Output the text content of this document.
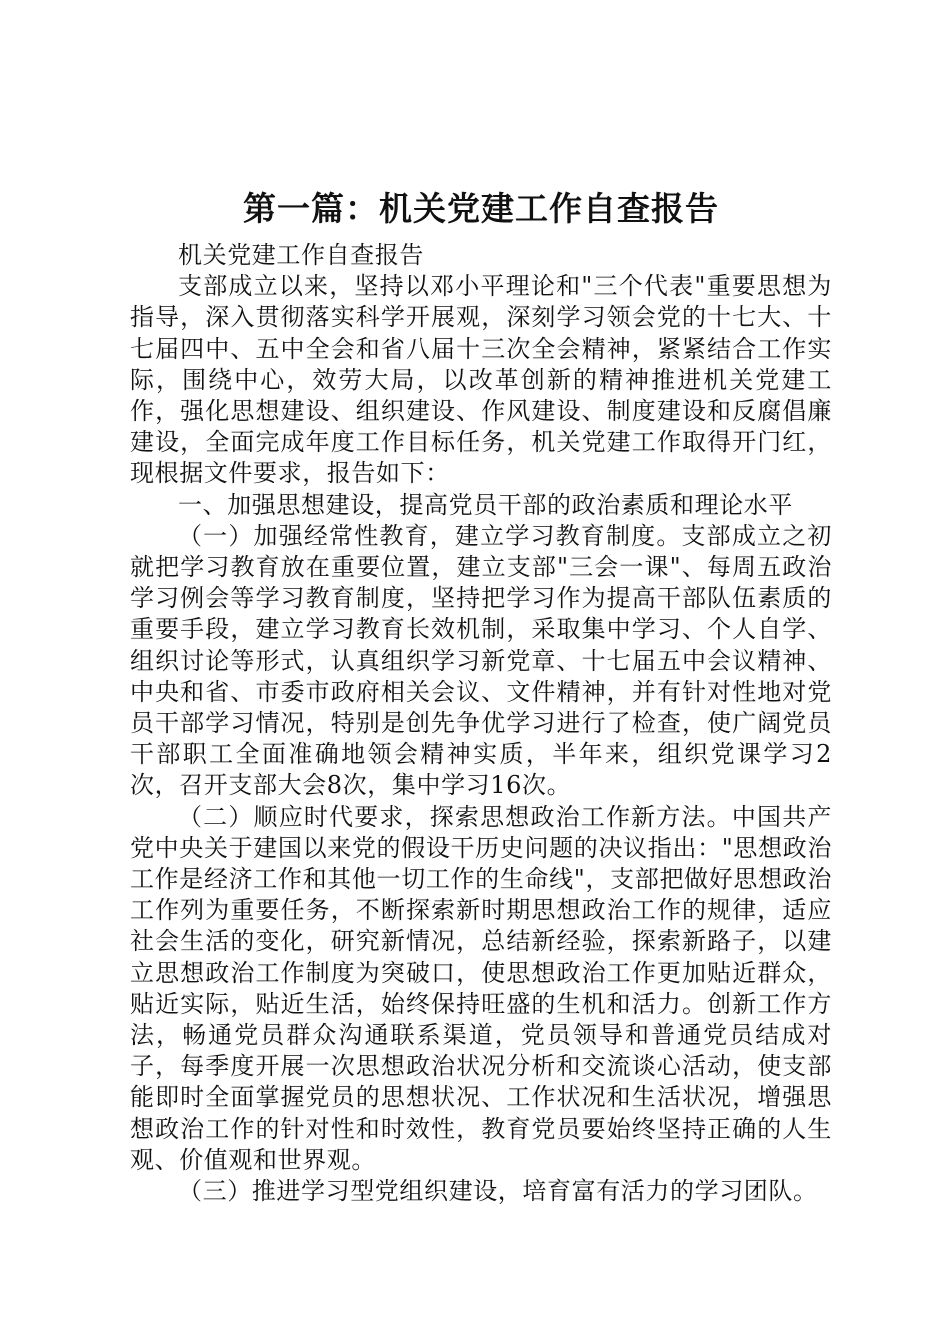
第一篇：机关党建工作自查报告

机关党建工作自查报告

支部成立以来，坚持以邓小平理论和"三个代表"重要思想为指导，深入贯彻落实科学开展观，深刻学习领会党的十七大、十七届四中、五中全会和省八届十三次全会精神，紧紧结合工作实际，围绕中心，效劳大局，以改革创新的精神推进机关党建工作，强化思想建设、组织建设、作风建设、制度建设和反腐倡廉建设，全面完成年度工作目标任务，机关党建工作取得开门红，现根据文件要求，报告如下：

一、加强思想建设，提高党员干部的政治素质和理论水平

（一）加强经常性教育，建立学习教育制度。支部成立之初就把学习教育放在重要位置，建立支部"三会一课"、每周五政治学习例会等学习教育制度，坚持把学习作为提高干部队伍素质的重要手段，建立学习教育长效机制，采取集中学习、个人自学、组织讨论等形式，认真组织学习新党章、十七届五中会议精神、中央和省、市委市政府相关会议、文件精神，并有针对性地对党员干部学习情况，特别是创先争优学习进行了检查，使广阔党员干部职工全面准确地领会精神实质，半年来，组织党课学习2次，召开支部大会8次，集中学习16次。

（二）顺应时代要求，探索思想政治工作新方法。中国共产党中央关于建国以来党的假设干历史问题的决议指出："思想政治工作是经济工作和其他一切工作的生命线"，支部把做好思想政治工作列为重要任务，不断探索新时期思想政治工作的规律，适应社会生活的变化，研究新情况，总结新经验，探索新路子，以建立思想政治工作制度为突破口，使思想政治工作更加贴近群众，贴近实际，贴近生活，始终保持旺盛的生机和活力。创新工作方法，畅通党员群众沟通联系渠道，党员领导和普通党员结成对子，每季度开展一次思想政治状况分析和交流谈心活动，使支部能即时全面掌握党员的思想状况、工作状况和生活状况，增强思想政治工作的针对性和时效性，教育党员要始终坚持正确的人生观、价值观和世界观。

（三）推进学习型党组织建设，培育富有活力的学习团队。
